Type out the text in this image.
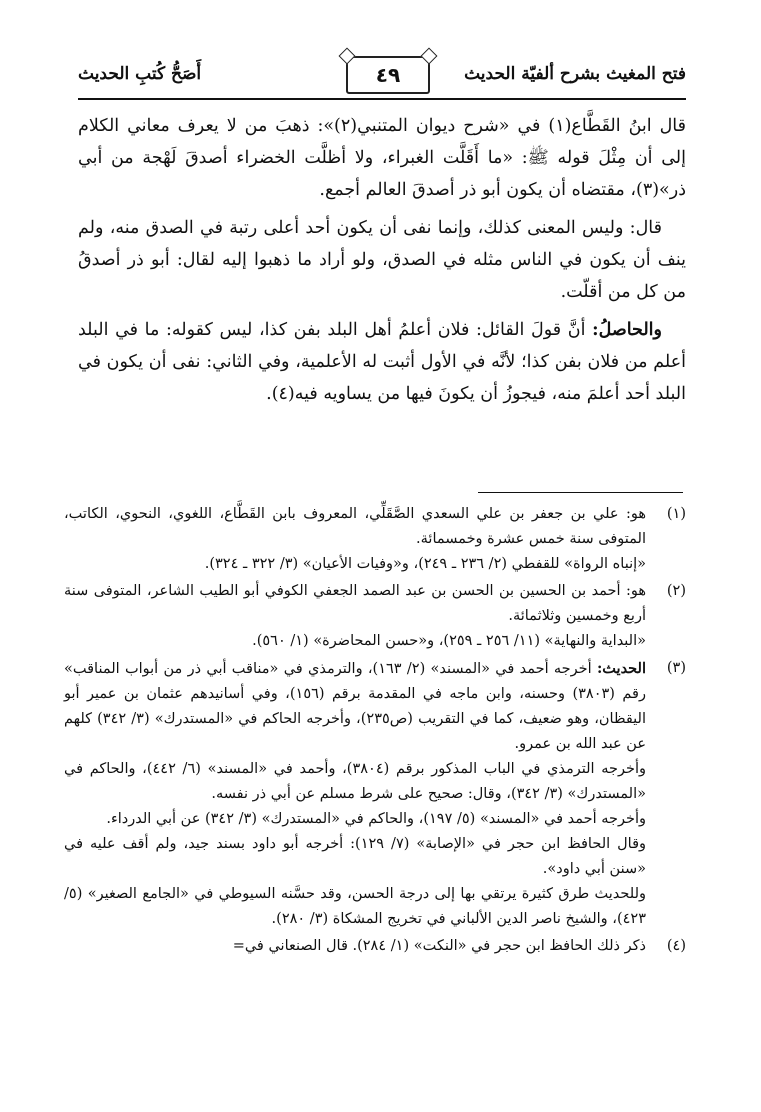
فتح المغيث بشرح ألفيّة الحديث
٤٩
أَصَحُّ كُتبِ الحديث

قال ابنُ القَطَّاع(١) في «شرح ديوان المتنبي(٢)»: ذهبَ من لا يعرف معاني الكلام إلى أن مِثْلَ قوله ﷺ: «ما أَقَلَّت الغبراء، ولا أظلَّت الخضراء أصدقَ لَهْجة من أبي ذر»(٣)، مقتضاه أن يكون أبو ذر أصدقَ العالم أجمع.

قال: وليس المعنى كذلك، وإنما نفى أن يكون أحد أعلى رتبة في الصدق منه، ولم ينف أن يكون في الناس مثله في الصدق، ولو أراد ما ذهبوا إليه لقال: أبو ذر أصدقُ من كل من أقلّت.

والحاصلُ: أنَّ قولَ القائل: فلان أعلمُ أهل البلد بفن كذا، ليس كقوله: ما في البلد أعلم من فلان بفن كذا؛ لأنَّه في الأول أثبت له الأعلمية، وفي الثاني: نفى أن يكون في البلد أحد أعلمَ منه، فيجوزُ أن يكونَ فيها من يساويه فيه(٤).

(١)
هو: علي بن جعفر بن علي السعدي الصَّقَلِّي، المعروف بابن القَطَّاع، اللغوي، النحوي، الكاتب، المتوفى سنة خمس عشرة وخمسمائة.
«إنباه الرواة» للقفطي (٢/ ٢٣٦ ـ ٢٤٩)، و«وفيات الأعيان» (٣/ ٣٢٢ ـ ٣٢٤).
(٢)
هو: أحمد بن الحسين بن الحسن بن عبد الصمد الجعفي الكوفي أبو الطيب الشاعر، المتوفى سنة أربع وخمسين وثلاثمائة.
«البداية والنهاية» (١١/ ٢٥٦ ـ ٢٥٩)، و«حسن المحاضرة» (١/ ٥٦٠).
(٣)
الحديث: أخرجه أحمد في «المسند» (٢/ ١٦٣)، والترمذي في «مناقب أبي ذر من أبواب المناقب» رقم (٣٨٠٣) وحسنه، وابن ماجه في المقدمة برقم (١٥٦)، وفي أسانيدهم عثمان بن عمير أبو اليقظان، وهو ضعيف، كما في التقريب (ص٢٣٥)، وأخرجه الحاكم في «المستدرك» (٣/ ٣٤٢) كلهم عن عبد الله بن عمرو.
وأخرجه الترمذي في الباب المذكور برقم (٣٨٠٤)، وأحمد في «المسند» (٦/ ٤٤٢)، والحاكم في «المستدرك» (٣/ ٣٤٢)، وقال: صحيح على شرط مسلم عن أبي ذر نفسه.
وأخرجه أحمد في «المسند» (٥/ ١٩٧)، والحاكم في «المستدرك» (٣/ ٣٤٢) عن أبي الدرداء.
وقال الحافظ ابن حجر في «الإصابة» (٧/ ١٢٩): أخرجه أبو داود بسند جيد، ولم أقف عليه في «سنن أبي داود».
وللحديث طرق كثيرة يرتقي بها إلى درجة الحسن، وقد حسَّنه السيوطي في «الجامع الصغير» (٥/ ٤٢٣)، والشيخ ناصر الدين الألباني في تخريج المشكاة (٣/ ٢٨٠).
(٤)
ذكر ذلك الحافظ ابن حجر في «النكت» (١/ ٢٨٤). قال الصنعاني في=
